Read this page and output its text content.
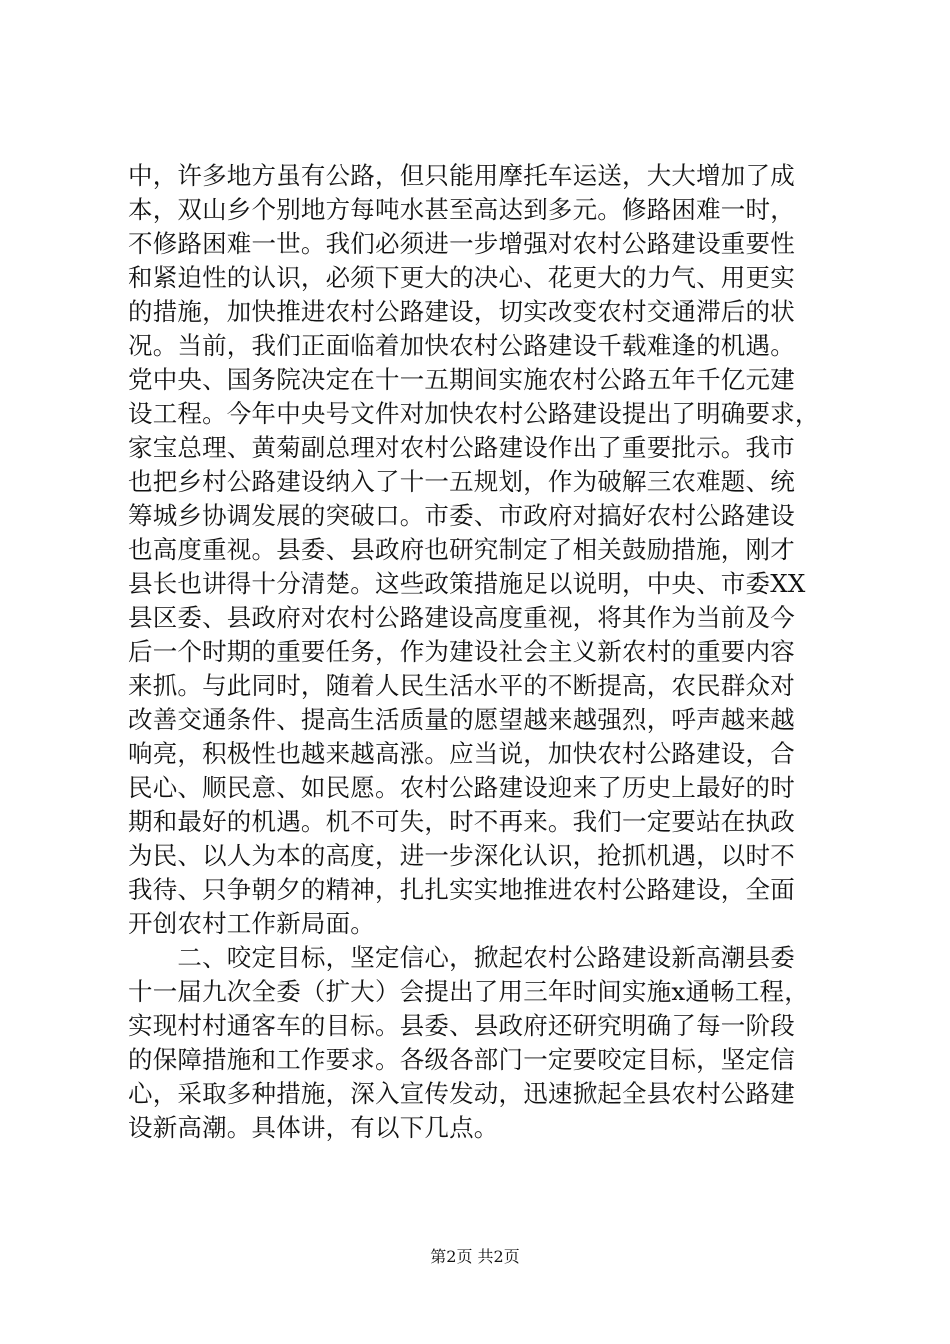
中，许多地方虽有公路，但只能用摩托车运送，大大增加了成
本，双山乡个别地方每吨水甚至高达到多元。修路困难一时，
不修路困难一世。我们必须进一步增强对农村公路建设重要性
和紧迫性的认识，必须下更大的决心、花更大的力气、用更实
的措施，加快推进农村公路建设，切实改变农村交通滞后的状
况。当前，我们正面临着加快农村公路建设千载难逢的机遇。
党中央、国务院决定在十一五期间实施农村公路五年千亿元建
设工程。今年中央号文件对加快农村公路建设提出了明确要求，
家宝总理、黄菊副总理对农村公路建设作出了重要批示。我市
也把乡村公路建设纳入了十一五规划，作为破解三农难题、统
筹城乡协调发展的突破口。市委、市政府对搞好农村公路建设
也高度重视。县委、县政府也研究制定了相关鼓励措施，刚才
县长也讲得十分清楚。这些政策措施足以说明，中央、市委XX
县区委、县政府对农村公路建设高度重视，将其作为当前及今
后一个时期的重要任务，作为建设社会主义新农村的重要内容
来抓。与此同时，随着人民生活水平的不断提高，农民群众对
改善交通条件、提高生活质量的愿望越来越强烈，呼声越来越
响亮，积极性也越来越高涨。应当说，加快农村公路建设，合
民心、顺民意、如民愿。农村公路建设迎来了历史上最好的时
期和最好的机遇。机不可失，时不再来。我们一定要站在执政
为民、以人为本的高度，进一步深化认识，抢抓机遇，以时不
我待、只争朝夕的精神，扎扎实实地推进农村公路建设，全面
开创农村工作新局面。
　　二、咬定目标，坚定信心，掀起农村公路建设新高潮县委
十一届九次全委（扩大）会提出了用三年时间实施x通畅工程，
实现村村通客车的目标。县委、县政府还研究明确了每一阶段
的保障措施和工作要求。各级各部门一定要咬定目标，坚定信
心，采取多种措施，深入宣传发动，迅速掀起全县农村公路建
设新高潮。具体讲，有以下几点。
第2页 共2页
